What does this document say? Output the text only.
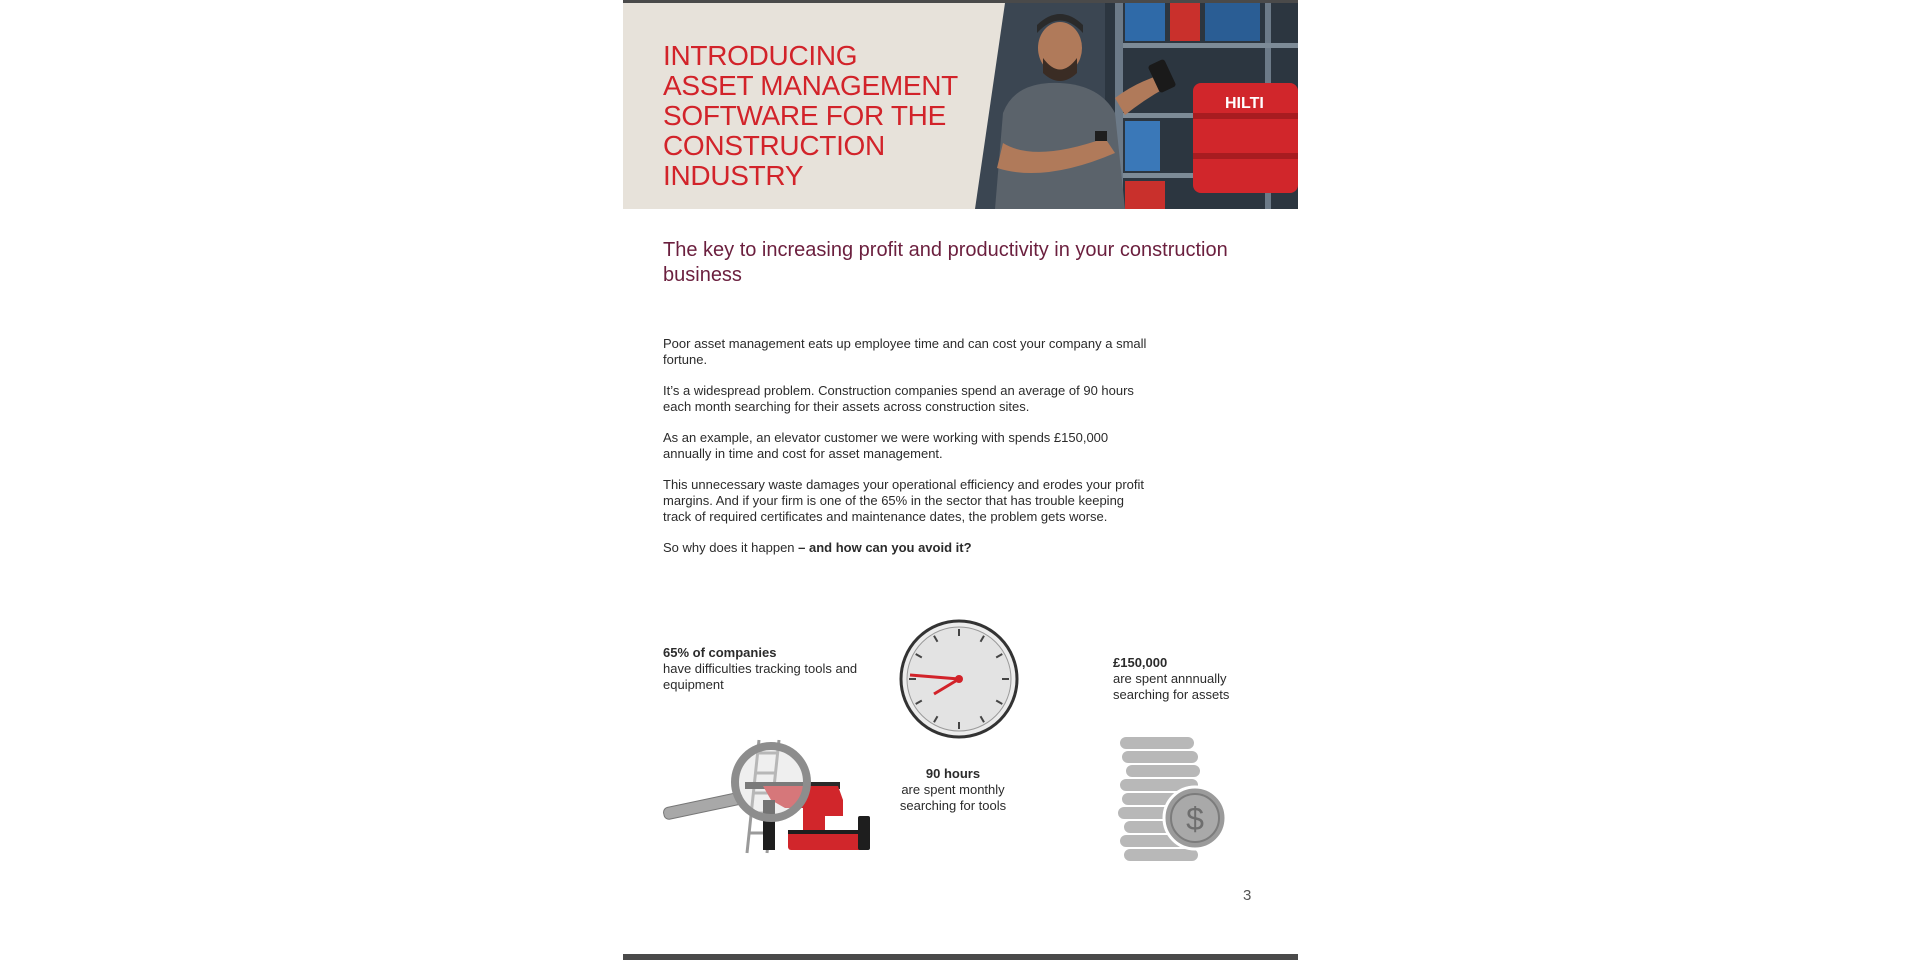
INTRODUCING
ASSET MANAGEMENT
SOFTWARE FOR THE
CONSTRUCTION
INDUSTRY
HILTI
The key to increasing profit and productivity in your construction business

Poor asset management eats up employee time and can cost your company a small fortune.

It’s a widespread problem. Construction companies spend an average of 90 hours each month searching for their assets across construction sites.

As an example, an elevator customer we were working with spends £150,000 annually in time and cost for asset management.

This unnecessary waste damages your operational efficiency and erodes your profit margins. And if your firm is one of the 65% in the sector that has trouble keeping track of required certificates and maintenance dates, the problem gets worse.

So why does it happen – and how can you avoid it?

65% of companies
have difficulties tracking tools and equipment
90 hours
are spent monthly searching for tools
£150,000
are spent annnually searching for assets
$
3
